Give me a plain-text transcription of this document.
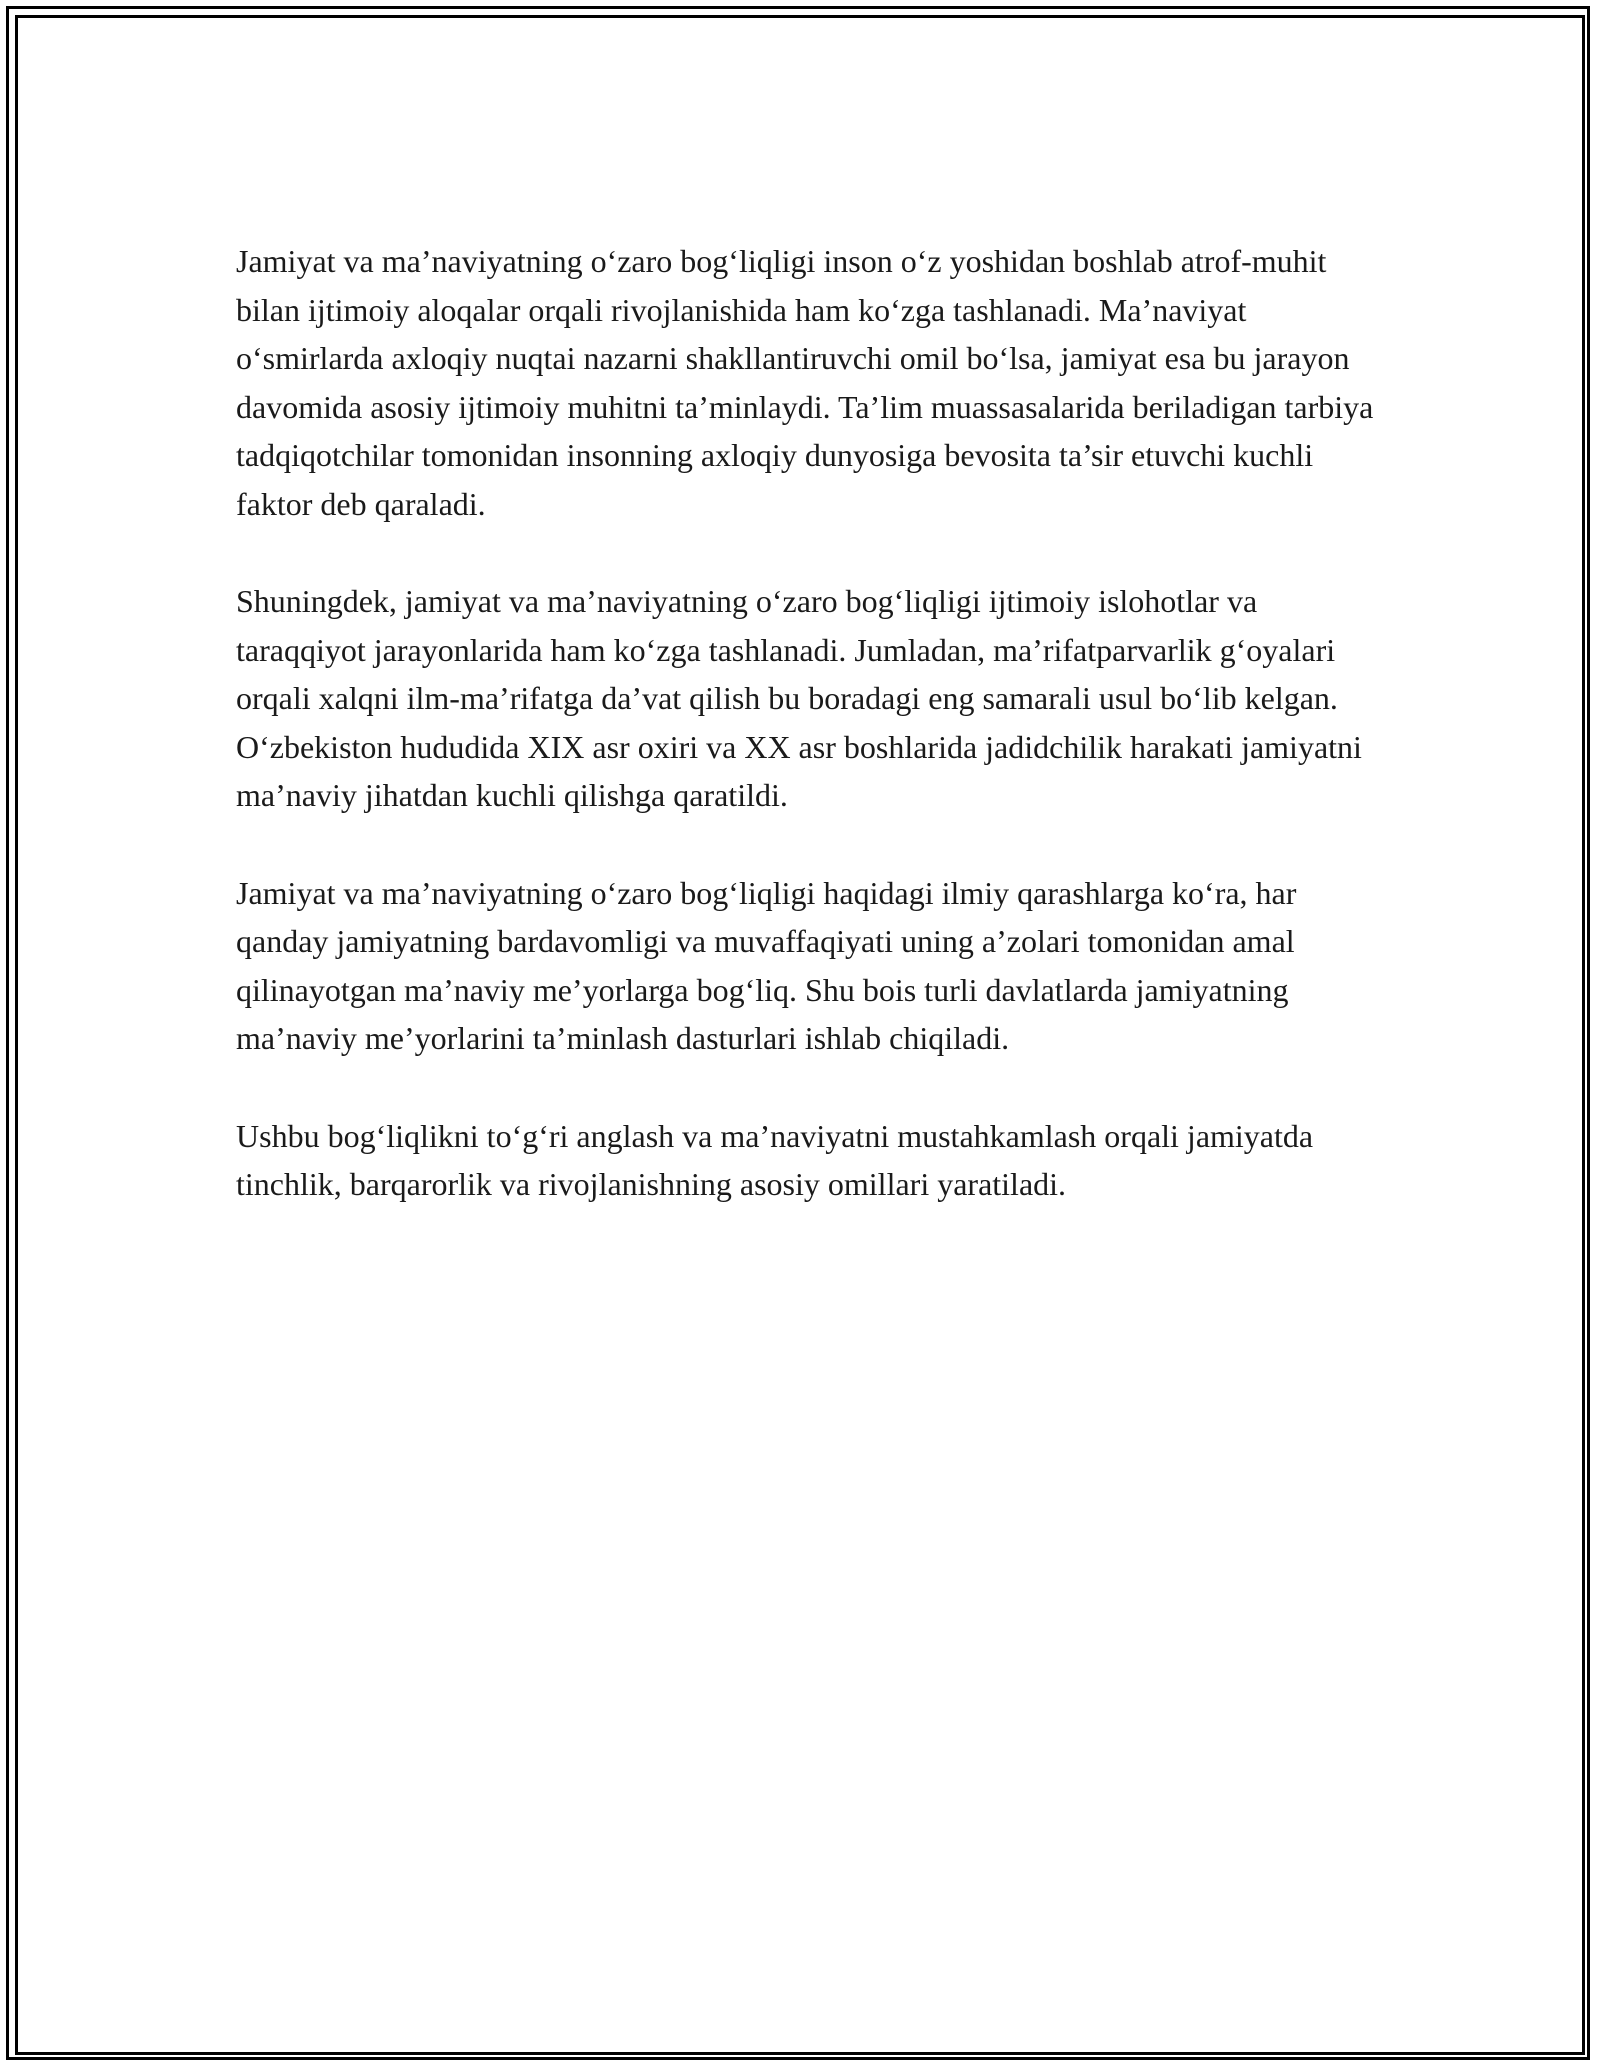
Jamiyat va ma’naviyatning o‘zaro bog‘liqligi inson o‘z yoshidan boshlab atrof-muhit bilan ijtimoiy aloqalar orqali rivojlanishida ham ko‘zga tashlanadi. Ma’naviyat o‘smirlarda axloqiy nuqtai nazarni shakllantiruvchi omil bo‘lsa, jamiyat esa bu jarayon davomida asosiy ijtimoiy muhitni ta’minlaydi. Ta’lim muassasalarida beriladigan tarbiya tadqiqotchilar tomonidan insonning axloqiy dunyosiga bevosita ta’sir etuvchi kuchli faktor deb qaraladi.

Shuningdek, jamiyat va ma’naviyatning o‘zaro bog‘liqligi ijtimoiy islohotlar va taraqqiyot jarayonlarida ham ko‘zga tashlanadi. Jumladan, ma’rifatparvarlik g‘oyalari orqali xalqni ilm-ma’rifatga da’vat qilish bu boradagi eng samarali usul bo‘lib kelgan. O‘zbekiston hududida XIX asr oxiri va XX asr boshlarida jadidchilik harakati jamiyatni ma’naviy jihatdan kuchli qilishga qaratildi.

Jamiyat va ma’naviyatning o‘zaro bog‘liqligi haqidagi ilmiy qarashlarga ko‘ra, har qanday jamiyatning bardavomligi va muvaffaqiyati uning a’zolari tomonidan amal qilinayotgan ma’naviy me’yorlarga bog‘liq. Shu bois turli davlatlarda jamiyatning ma’naviy me’yorlarini ta’minlash dasturlari ishlab chiqiladi.

Ushbu bog‘liqlikni to‘g‘ri anglash va ma’naviyatni mustahkamlash orqali jamiyatda tinchlik, barqarorlik va rivojlanishning asosiy omillari yaratiladi.
